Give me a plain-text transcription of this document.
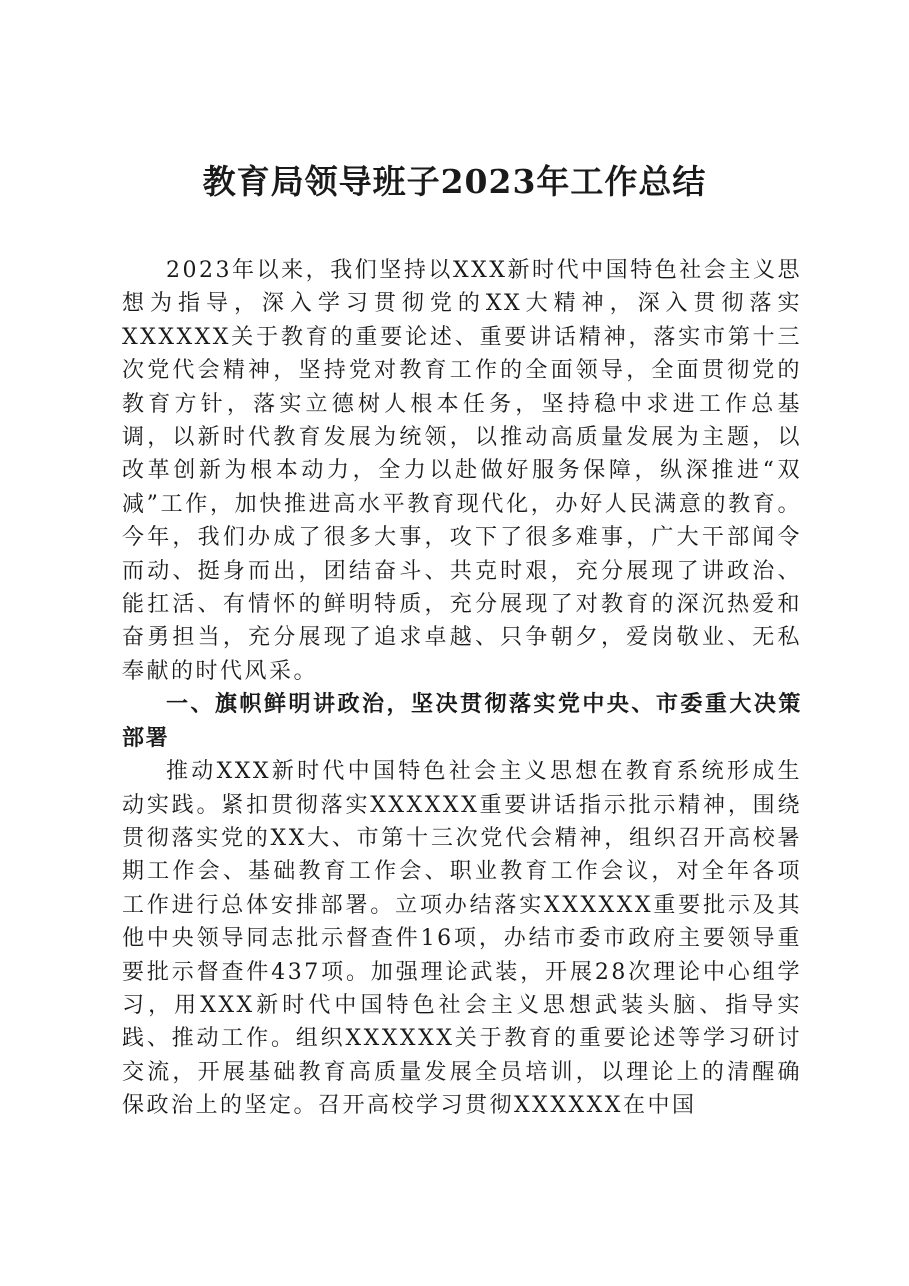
教育局领导班子2023年工作总结

2023年以来，我们坚持以XXX新时代中国特色社会主义思想为指导，深入学习贯彻党的XX大精神，深入贯彻落实XXXXXX关于教育的重要论述、重要讲话精神，落实市第十三次党代会精神，坚持党对教育工作的全面领导，全面贯彻党的教育方针，落实立德树人根本任务，坚持稳中求进工作总基调，以新时代教育发展为统领，以推动高质量发展为主题，以改革创新为根本动力，全力以赴做好服务保障，纵深推进“双减”工作，加快推进高水平教育现代化，办好人民满意的教育。今年，我们办成了很多大事，攻下了很多难事，广大干部闻令而动、挺身而出，团结奋斗、共克时艰，充分展现了讲政治、能扛活、有情怀的鲜明特质，充分展现了对教育的深沉热爱和奋勇担当，充分展现了追求卓越、只争朝夕，爱岗敬业、无私奉献的时代风采。

一、旗帜鲜明讲政治，坚决贯彻落实党中央、市委重大决策部署

推动XXX新时代中国特色社会主义思想在教育系统形成生动实践。紧扣贯彻落实XXXXXX重要讲话指示批示精神，围绕贯彻落实党的XX大、市第十三次党代会精神，组织召开高校暑期工作会、基础教育工作会、职业教育工作会议，对全年各项工作进行总体安排部署。立项办结落实XXXXXX重要批示及其他中央领导同志批示督查件16项，办结市委市政府主要领导重要批示督查件437项。加强理论武装，开展28次理论中心组学习，用XXX新时代中国特色社会主义思想武装头脑、指导实践、推动工作。组织XXXXXX关于教育的重要论述等学习研讨交流，开展基础教育高质量发展全员培训，以理论上的清醒确保政治上的坚定。召开高校学习贯彻XXXXXX在中国
